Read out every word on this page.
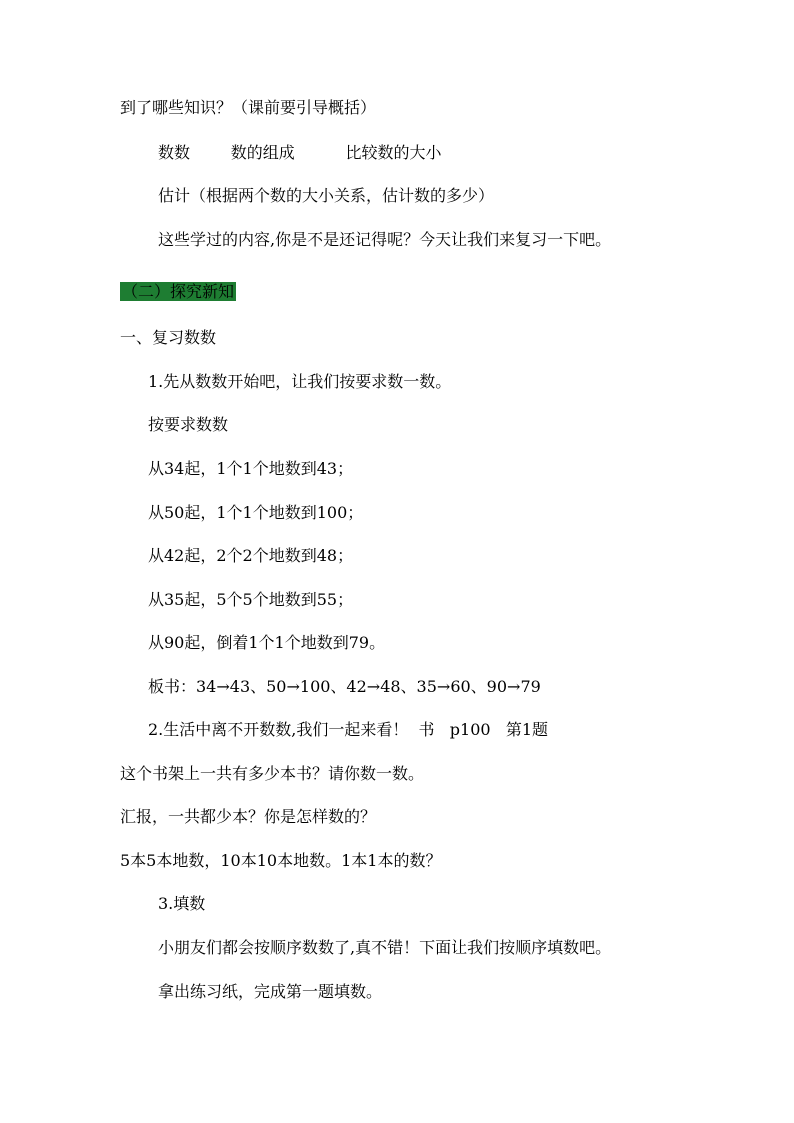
到了哪些知识？（课前要引导概括）

数数        数的组成          比较数的大小

估计（根据两个数的大小关系，估计数的多少）

这些学过的内容,你是不是还记得呢？今天让我们来复习一下吧。

（二）探究新知

一、复习数数

1.先从数数开始吧，让我们按要求数一数。

按要求数数

从34起，1个1个地数到43；

从50起，1个1个地数到100；

从42起，2个2个地数到48；

从35起，5个5个地数到55；

从90起，倒着1个1个地数到79。

板书：34→43、50→100、42→48、35→60、90→79

2.生活中离不开数数,我们一起来看！  书   p100   第1题

这个书架上一共有多少本书？请你数一数。

汇报，一共都少本？你是怎样数的？

5本5本地数，10本10本地数。1本1本的数？

3.填数

小朋友们都会按顺序数数了,真不错！下面让我们按顺序填数吧。

拿出练习纸，完成第一题填数。
